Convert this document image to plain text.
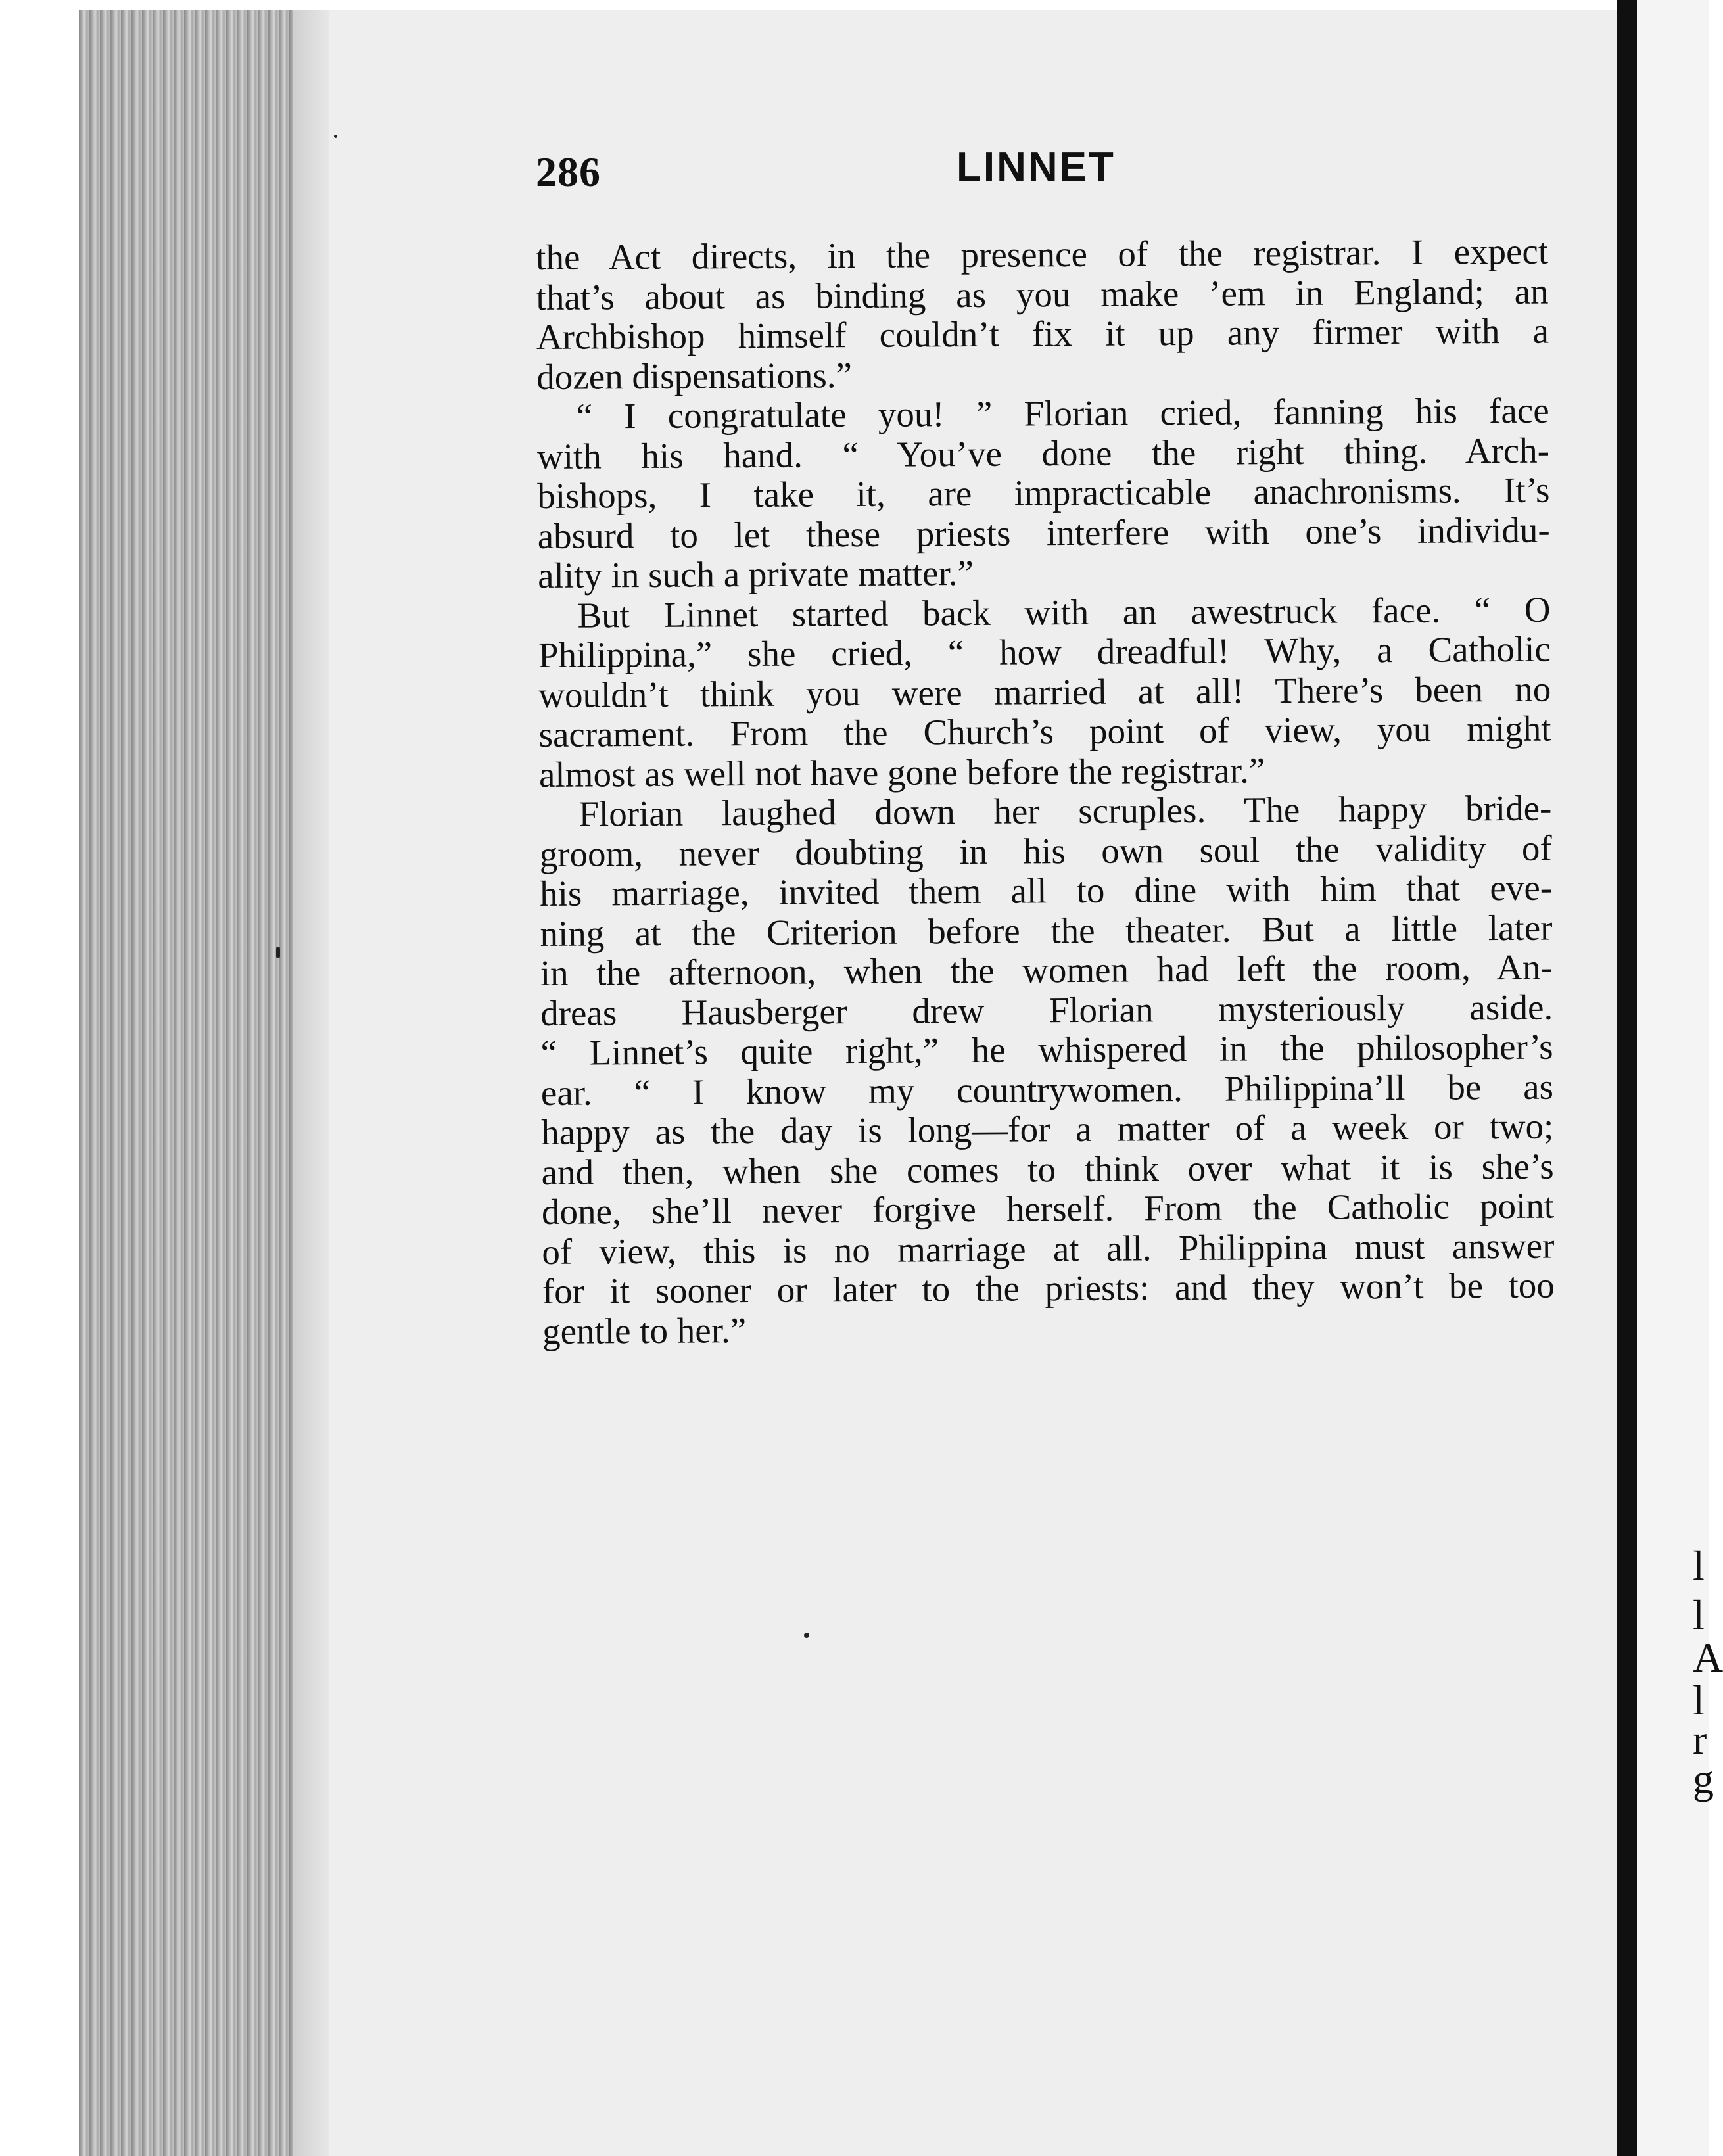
l
l
A
l
r
g
286	LINNET
the Act directs, in the presence of the registrar. I expect
that’s about as binding as you make ’em in England; an
Archbishop himself couldn’t fix it up any firmer with a
dozen dispensations.”
“ I congratulate you! ” Florian cried, fanning his face
with his hand. “ You’ve done the right thing. Arch-
bishops, I take it, are impracticable anachronisms. It’s
absurd to let these priests interfere with one’s individu-
ality in such a private matter.”
But Linnet started back with an awestruck face. “ O
Philippina,” she cried, “ how dreadful! Why, a Catholic
wouldn’t think you were married at all! There’s been no
sacrament. From the Church’s point of view, you might
almost as well not have gone before the registrar.”
Florian laughed down her scruples. The happy bride-
groom, never doubting in his own soul the validity of
his marriage, invited them all to dine with him that eve-
ning at the Criterion before the theater. But a little later
in the afternoon, when the women had left the room, An-
dreas Hausberger drew Florian mysteriously aside.
“ Linnet’s quite right,” he whispered in the philosopher’s
ear. “ I know my countrywomen. Philippina’ll be as
happy as the day is long—for a matter of a week or two;
and then, when she comes to think over what it is she’s
done, she’ll never forgive herself. From the Catholic point
of view, this is no marriage at all. Philippina must answer
for it sooner or later to the priests: and they won’t be too
gentle to her.”
